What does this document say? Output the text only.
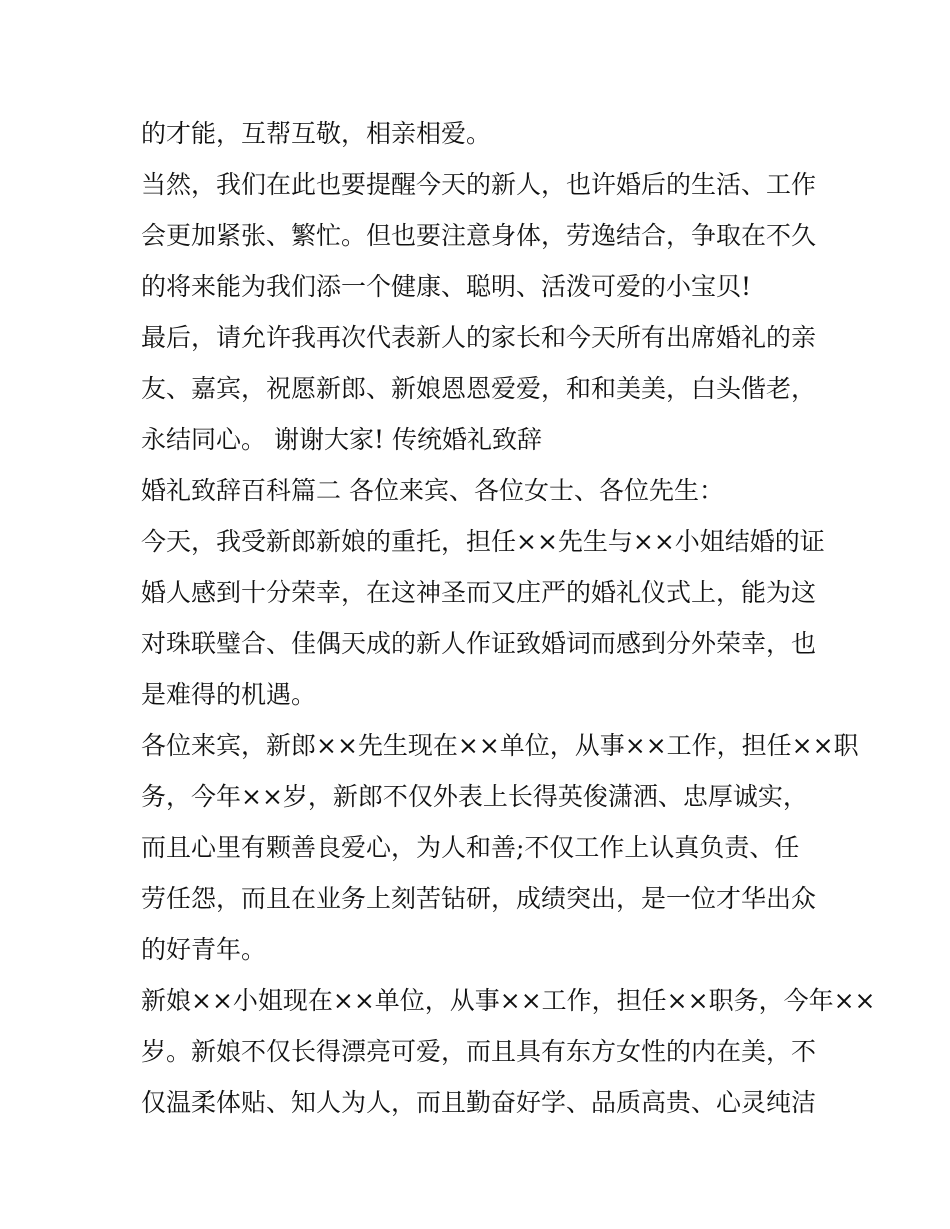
的才能，互帮互敬，相亲相爱。
当然，我们在此也要提醒今天的新人，也许婚后的生活、工作
会更加紧张、繁忙。但也要注意身体，劳逸结合，争取在不久
的将来能为我们添一个健康、聪明、活泼可爱的小宝贝!
最后，请允许我再次代表新人的家长和今天所有出席婚礼的亲
友、嘉宾，祝愿新郎、新娘恩恩爱爱，和和美美，白头偕老，
永结同心。 谢谢大家! 传统婚礼致辞
婚礼致辞百科篇二 各位来宾、各位女士、各位先生：
今天，我受新郎新娘的重托，担任××先生与××小姐结婚的证
婚人感到十分荣幸，在这神圣而又庄严的婚礼仪式上，能为这
对珠联璧合、佳偶天成的新人作证致婚词而感到分外荣幸，也
是难得的机遇。
各位来宾，新郎××先生现在××单位，从事××工作，担任××职
务，今年××岁，新郎不仅外表上长得英俊潇洒、忠厚诚实，
而且心里有颗善良爱心，为人和善;不仅工作上认真负责、任
劳任怨，而且在业务上刻苦钻研，成绩突出，是一位才华出众
的好青年。
新娘××小姐现在××单位，从事××工作，担任××职务，今年××
岁。新娘不仅长得漂亮可爱，而且具有东方女性的内在美，不
仅温柔体贴、知人为人，而且勤奋好学、品质高贵、心灵纯洁
